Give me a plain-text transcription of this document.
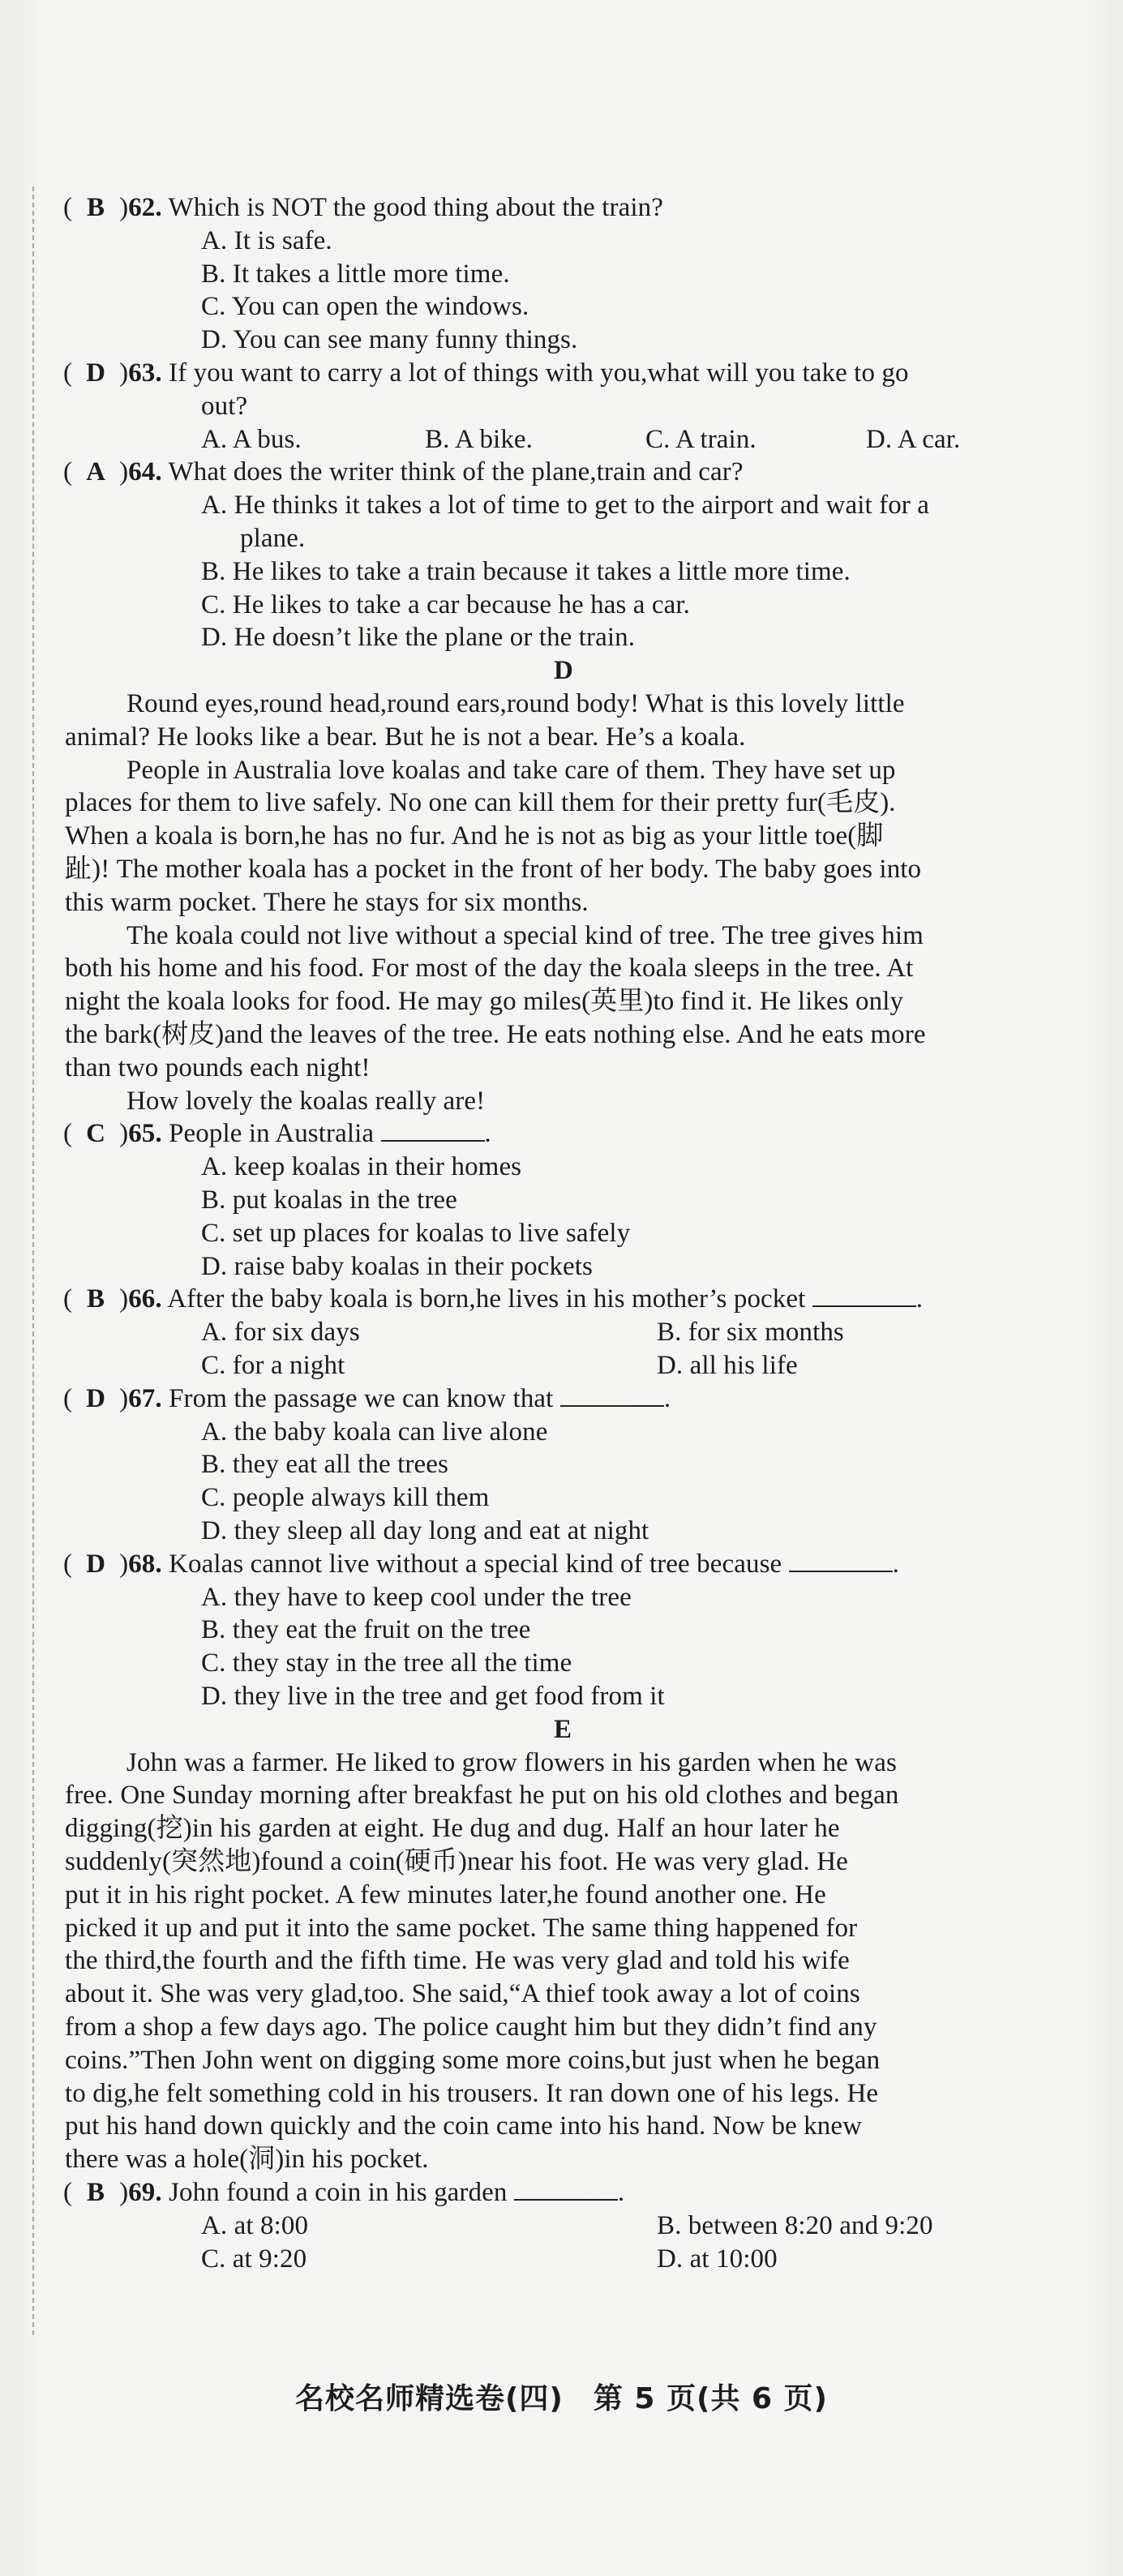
( B )62. Which is NOT the good thing about the train?
A. It is safe.
B. It takes a little more time.
C. You can open the windows.
D. You can see many funny things.
( D )63. If you want to carry a lot of things with you,what will you take to go
out?
A. A bus.	B. A bike.	C. A train.	D. A car.
( A )64. What does the writer think of the plane,train and car?
A. He thinks it takes a lot of time to get to the airport and wait for a
plane.
B. He likes to take a train because it takes a little more time.
C. He likes to take a car because he has a car.
D. He doesn’t like the plane or the train.
D
Round eyes,round head,round ears,round body! What is this lovely little
animal? He looks like a bear. But he is not a bear. He’s a koala.
People in Australia love koalas and take care of them. They have set up
places for them to live safely. No one can kill them for their pretty fur(毛皮).
When a koala is born,he has no fur. And he is not as big as your little toe(脚
趾)! The mother koala has a pocket in the front of her body. The baby goes into
this warm pocket. There he stays for six months.
The koala could not live without a special kind of tree. The tree gives him
both his home and his food. For most of the day the koala sleeps in the tree. At
night the koala looks for food. He may go miles(英里)to find it. He likes only
the bark(树皮)and the leaves of the tree. He eats nothing else. And he eats more
than two pounds each night!
How lovely the koalas really are!
( C )65. People in Australia	.
A. keep koalas in their homes
B. put koalas in the tree
C. set up places for koalas to live safely
D. raise baby koalas in their pockets
( B )66. After the baby koala is born,he lives in his mother’s pocket	.
A. for six days	B. for six months
C. for a night	D. all his life
( D )67. From the passage we can know that	.
A. the baby koala can live alone
B. they eat all the trees
C. people always kill them
D. they sleep all day long and eat at night
( D )68. Koalas cannot live without a special kind of tree because	.
A. they have to keep cool under the tree
B. they eat the fruit on the tree
C. they stay in the tree all the time
D. they live in the tree and get food from it
E
John was a farmer. He liked to grow flowers in his garden when he was
free. One Sunday morning after breakfast he put on his old clothes and began
digging(挖)in his garden at eight. He dug and dug. Half an hour later he
suddenly(突然地)found a coin(硬币)near his foot. He was very glad. He
put it in his right pocket. A few minutes later,he found another one. He
picked it up and put it into the same pocket. The same thing happened for
the third,the fourth and the fifth time. He was very glad and told his wife
about it. She was very glad,too. She said,“A thief took away a lot of coins
from a shop a few days ago. The police caught him but they didn’t find any
coins.”Then John went on digging some more coins,but just when he began
to dig,he felt something cold in his trousers. It ran down one of his legs. He
put his hand down quickly and the coin came into his hand. Now be knew
there was a hole(洞)in his pocket.
( B )69. John found a coin in his garden	.
A. at 8:00	B. between 8:20 and 9:20
C. at 9:20	D. at 10:00
名校名师精选卷(四)　第 5 页(共 6 页)
